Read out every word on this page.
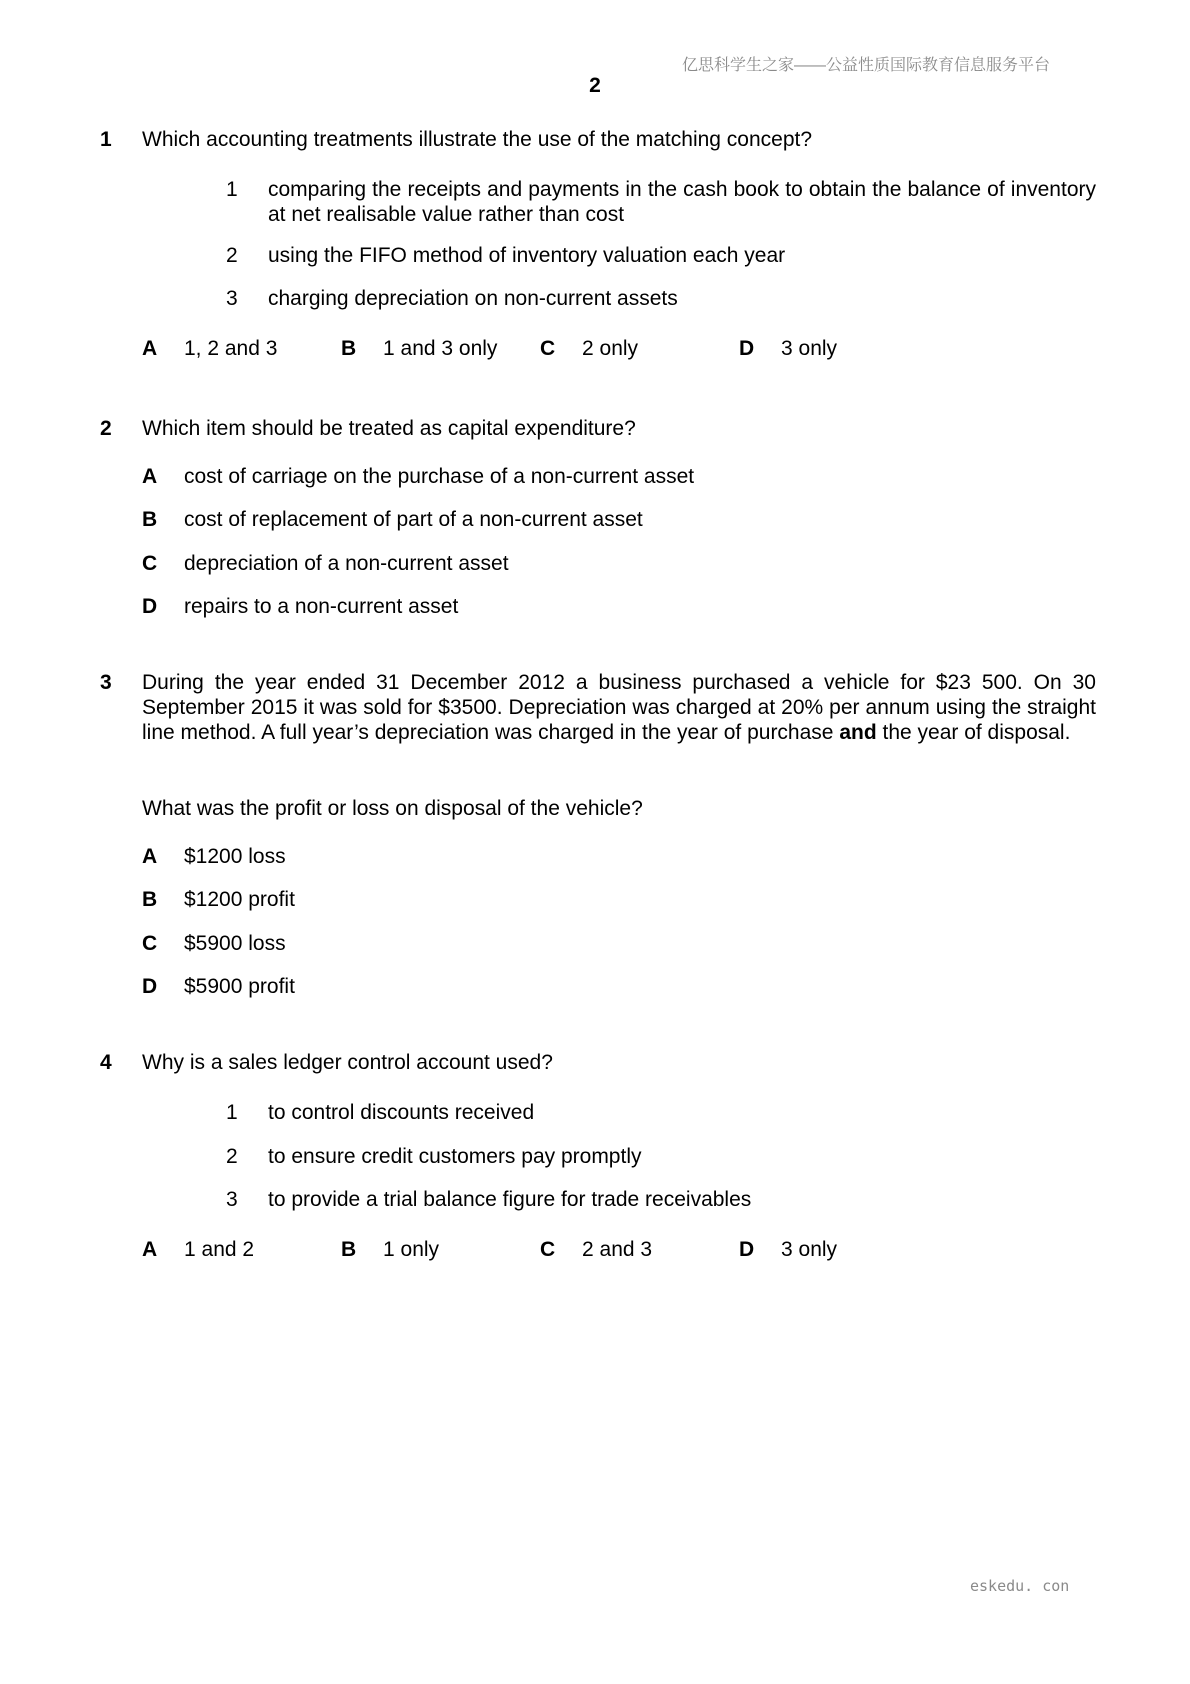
亿思科学生之家——公益性质国际教育信息服务平台
2
1 Which accounting treatments illustrate the use of the matching concept?
1 comparing the receipts and payments in the cash book to obtain the balance of inventory at net realisable value rather than cost
2 using the FIFO method of inventory valuation each year
3 charging depreciation on non-current assets
A 1, 2 and 3	B 1 and 3 only C 2 only	D 3 only
2 Which item should be treated as capital expenditure?
A cost of carriage on the purchase of a non-current asset
B cost of replacement of part of a non-current asset
C depreciation of a non-current asset
D repairs to a non-current asset
3 During the year ended 31 December 2012 a business purchased a vehicle for $23 500. On 30 September 2015 it was sold for $3500. Depreciation was charged at 20% per annum using the straight line method. A full year’s depreciation was charged in the year of purchase and the year of disposal.
What was the profit or loss on disposal of the vehicle?
A $1200 loss
B $1200 profit
C $5900 loss
D $5900 profit
4 Why is a sales ledger control account used?
1 to control discounts received
2 to ensure credit customers pay promptly
3 to provide a trial balance figure for trade receivables
A 1 and 2	B 1 only	C 2 and 3	D 3 only
eskedu. con
